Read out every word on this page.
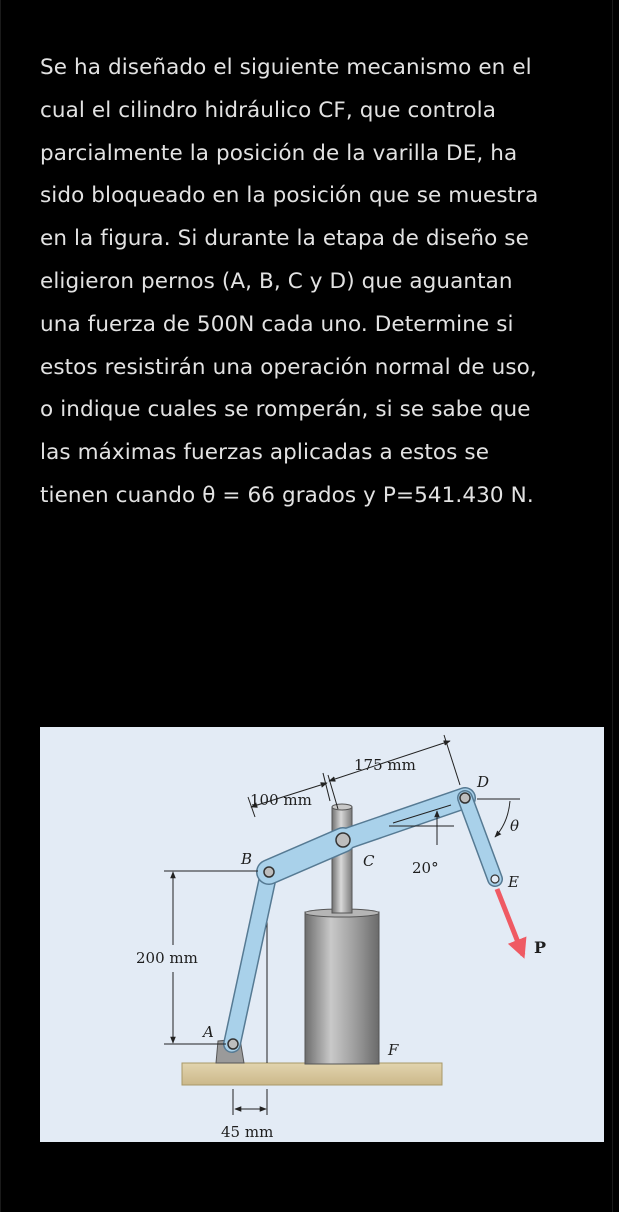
Se ha diseñado el siguiente mecanismo en el
cual el cilindro hidráulico CF, que controla
parcialmente la posición de la varilla DE, ha
sido bloqueado en la posición que se muestra
en la figura. Si durante la etapa de diseño se
eligieron pernos (A, B, C y D) que aguantan
una fuerza de 500N cada uno. Determine si
estos resistirán una operación normal de uso,
o indique cuales se romperán, si se sabe que
las máximas fuerzas aplicadas a estos se
tienen cuando θ = 66 grados y P=541.430 N.
200 mm
45 mm
100 mm
175 mm
20°
θ
A
B	C
D
E
F
P
